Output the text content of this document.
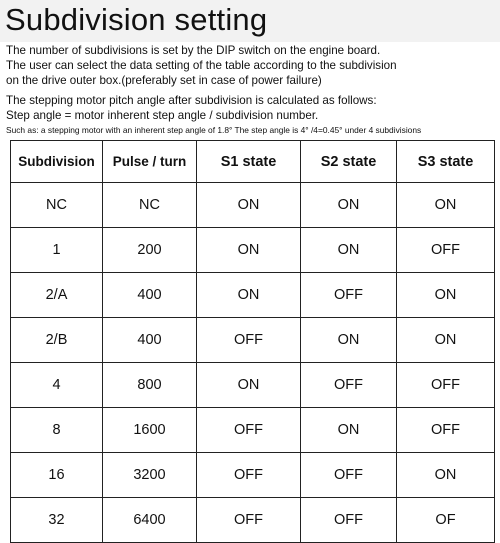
Subdivision setting
The number of subdivisions is set by the DIP switch on the engine board.
The user can select the data setting of the table according to the subdivision
on the drive outer box.(preferably set in case of power failure)
The stepping motor pitch angle after subdivision is calculated as follows:
Step angle = motor inherent step angle / subdivision number.
Such as: a stepping motor with an inherent step angle of 1.8° The step angle is 4° /4=0.45° under 4 subdivisions
Subdivision	Pulse / turn	S1 state	S2 state	S3 state
NC	NC	ON	ON	ON
1	200	ON	ON	OFF
2/A	400	ON	OFF	ON
2/B	400	OFF	ON	ON
4	800	ON	OFF	OFF
8	1600	OFF	ON	OFF
16	3200	OFF	OFF	ON
32	6400	OFF	OFF	OF
